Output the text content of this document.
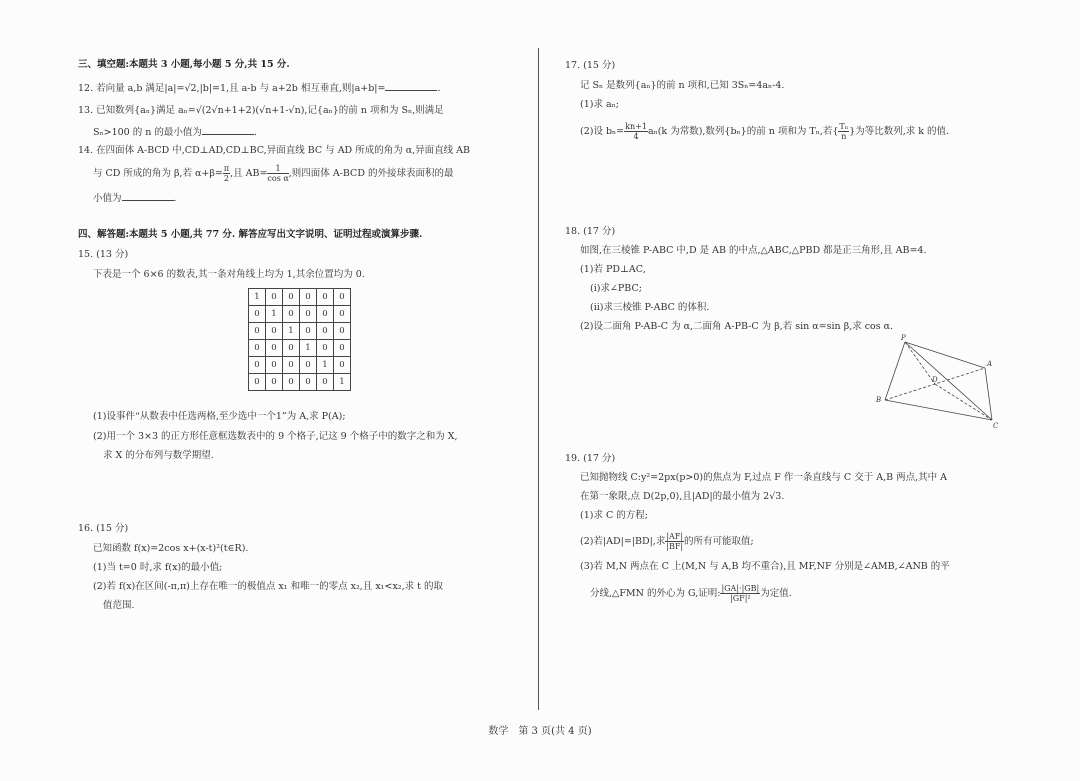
三、填空题:本题共 3 小题,每小题 5 分,共 15 分.
12. 若向量 a,b 满足|a|=√2,|b|=1,且 a-b 与 a+2b 相互垂直,则|a+b|=	.
13. 已知数列{aₙ}满足 aₙ=√(2√n+1+2)(√n+1-√n),记{aₙ}的前 n 项和为 Sₙ,则满足
Sₙ>100 的 n 的最小值为	.
14. 在四面体 A-BCD 中,CD⊥AD,CD⊥BC,异面直线 BC 与 AD 所成的角为 α,异面直线 AB
与 CD 所成的角为 β,若 $\alpha+\beta= \frac{\pi}{2}$,且 $AB= \frac{1}{\text{cos α}}$,则四面体 A-BCD 的外接球表面积的最
小值为	.
四、解答题:本题共 5 小题,共 77 分. 解答应写出文字说明、证明过程或演算步骤.
15. (13 分)
下表是一个 6×6 的数表,其一条对角线上均为 1,其余位置均为 0.
1	0	0	0	0	0
0	1	0	0	0	0
0	0	1	0	0	0
0	0	0	1	0	0
0	0	0	0	1	0
0	0	0	0	0	1
(1)设事件“从数表中任选两格,至少选中一个1”为 A,求 P(A);
(2)用一个 3×3 的正方形任意框选数表中的 9 个格子,记这 9 个格子中的数字之和为 X,
求 X 的分布列与数学期望.
16. (15 分)
已知函数 f(x)=2cos x+(x-t)²(t∈R).
(1)当 t=0 时,求 f(x)的最小值;
(2)若 f(x)在区间(-π,π)上存在唯一的极值点 x₁ 和唯一的零点 x₂,且 x₁<x₂,求 t 的取
值范围.
17. (15 分)
记 Sₙ 是数列{aₙ}的前 n 项和,已知 3Sₙ=4aₙ-4.
(1)求 aₙ;
(2)设 $b_n= \frac{kn+1}{4}a_n(k$ 为常数),数列{bₙ}的前 n 项和为 Tₙ,若{ $\frac{\text{Tₙ}}{n}$}为等比数列,求 k 的值.
18. (17 分)
如图,在三棱锥 P-ABC 中,D 是 AB 的中点,△ABC,△PBD 都是正三角形,且 AB=4.
(1)若 PD⊥AC,
(ⅰ)求∠PBC;
(ⅱ)求三棱锥 P-ABC 的体积.
(2)设二面角 P-AB-C 为 α,二面角 A-PB-C 为 β,若 sin α=sin β,求 cos α.
P
A
B
C
D
19. (17 分)
已知抛物线 C:y²=2px(p>0)的焦点为 F,过点 F 作一条直线与 C 交于 A,B 两点,其中 A
在第一象限,点 D(2p,0),且|AD|的最小值为 2√3.
(1)求 C 的方程;
(2)若|AD|=|BD|,求 $\frac{|AF|}{|BF|}$的所有可能取值;
(3)若 M,N 两点在 C 上(M,N 与 A,B 均不重合),且 MF,NF 分别是∠AMB,∠ANB 的平
分线,△FMN 的外心为 G,证明: $\frac{|GA|\cdot|GB|}{\text{|GF|²}}$为定值.
数学　第 3 页(共 4 页)
